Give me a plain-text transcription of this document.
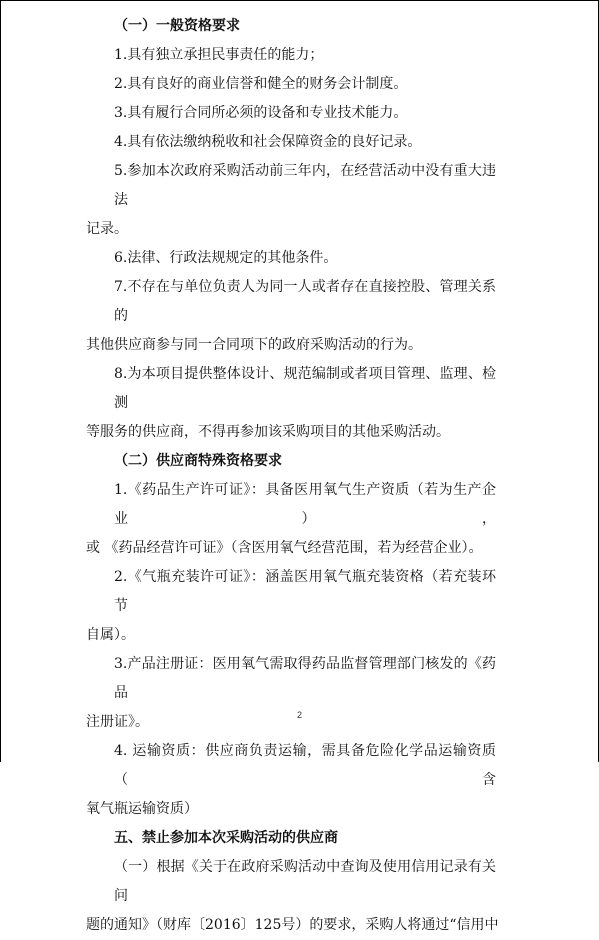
（一）一般资格要求
1.具有独立承担民事责任的能力；
2.具有良好的商业信誉和健全的财务会计制度。
3.具有履行合同所必须的设备和专业技术能力。
4.具有依法缴纳税收和社会保障资金的良好记录。
5.参加本次政府采购活动前三年内，在经营活动中没有重大违法
记录。
6.法律、行政法规规定的其他条件。
7.不存在与单位负责人为同一人或者存在直接控股、管理关系的
其他供应商参与同一合同项下的政府采购活动的行为。
8.为本项目提供整体设计、规范编制或者项目管理、监理、检测
等服务的供应商，不得再参加该采购项目的其他采购活动。
（二）供应商特殊资格要求
1.《药品生产许可证》：具备医用氧气生产资质（若为生产企业），
或 《药品经营许可证》（含医用氧气经营范围，若为经营企业）。
2.《气瓶充装许可证》：涵盖医用氧气瓶充装资格（若充装环节
自属）。
3.产品注册证：医用氧气需取得药品监督管理部门核发的《药品
注册证》。
4. 运输资质：供应商负责运输，需具备危险化学品运输资质（含
氧气瓶运输资质）
五、禁止参加本次采购活动的供应商
（一）根据《关于在政府采购活动中查询及使用信用记录有关问
题的通知》（财库〔2016〕125号）的要求，采购人将通过“信用中
2
